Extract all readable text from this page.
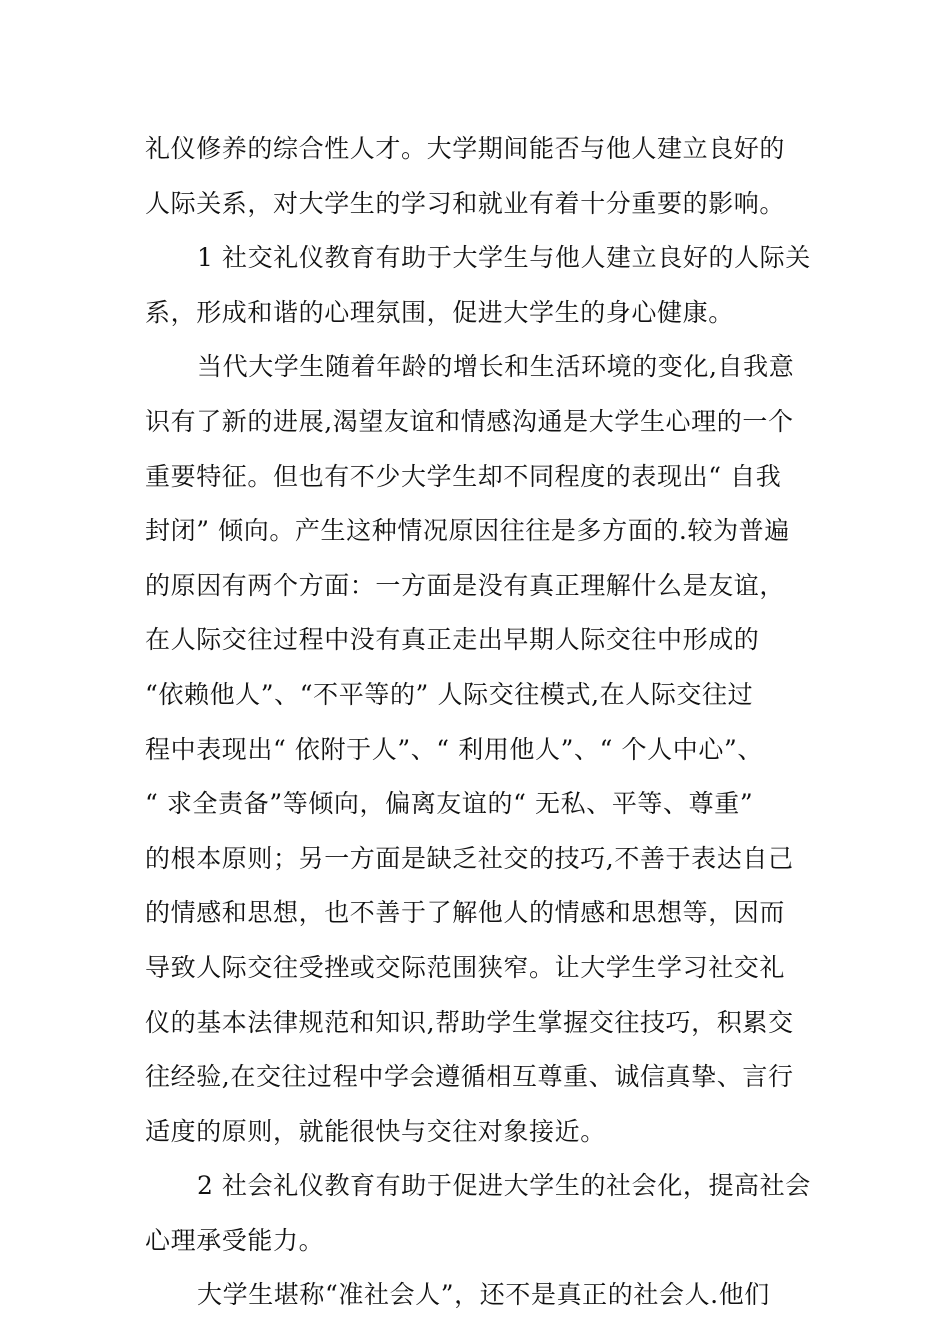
礼仪修养的综合性人才。大学期间能否与他人建立良好的
人际关系，对大学生的学习和就业有着十分重要的影响。
1 社交礼仪教育有助于大学生与他人建立良好的人际关
系，形成和谐的心理氛围，促进大学生的身心健康。
当代大学生随着年龄的增长和生活环境的变化,自我意
识有了新的进展,渴望友谊和情感沟通是大学生心理的一个
重要特征。但也有不少大学生却不同程度的表现出“ 自我
封闭” 倾向。产生这种情况原因往往是多方面的.较为普遍
的原因有两个方面：一方面是没有真正理解什么是友谊，
在人际交往过程中没有真正走出早期人际交往中形成的
“依赖他人”、“不平等的” 人际交往模式,在人际交往过
程中表现出“ 依附于人”、“ 利用他人”、“ 个人中心”、
“ 求全责备”等倾向，偏离友谊的“ 无私、平等、尊重”
的根本原则；另一方面是缺乏社交的技巧,不善于表达自己
的情感和思想，也不善于了解他人的情感和思想等，因而
导致人际交往受挫或交际范围狭窄。让大学生学习社交礼
仪的基本法律规范和知识,帮助学生掌握交往技巧，积累交
往经验,在交往过程中学会遵循相互尊重、诚信真挚、言行
适度的原则，就能很快与交往对象接近。
2 社会礼仪教育有助于促进大学生的社会化，提高社会
心理承受能力。
大学生堪称“准社会人”，还不是真正的社会人.他们
